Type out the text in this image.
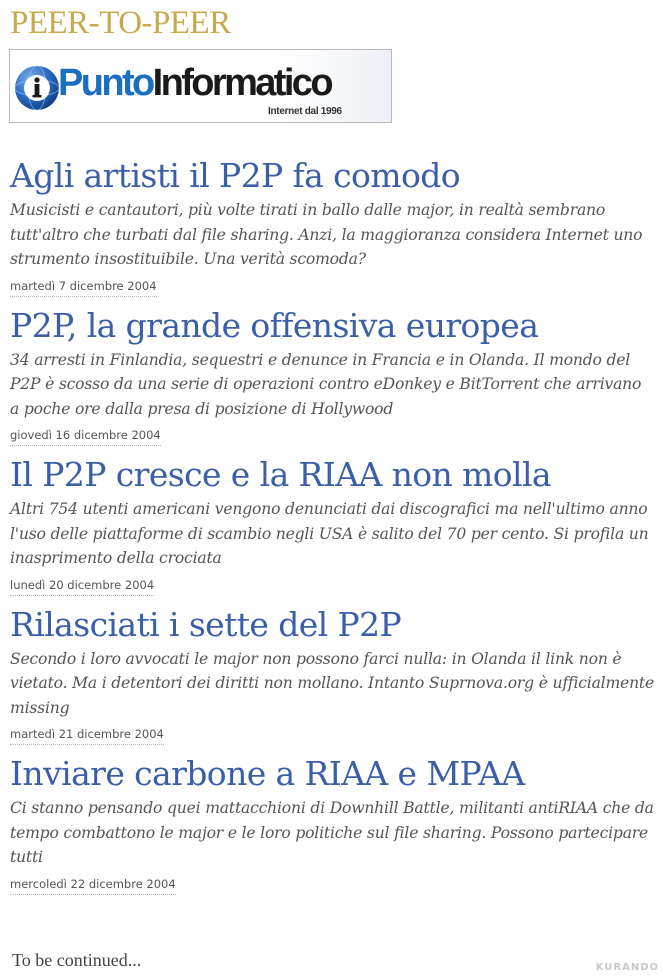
PEER-TO-PEER
PuntoInformatico
Internet dal 1996
Agli artisti il P2P fa comodo

Musicisti e cantautori, più volte tirati in ballo dalle major, in realtà sembrano tutt'altro che turbati dal file sharing. Anzi, la maggioranza considera Internet uno strumento insostituibile. Una verità scomoda?

martedì 7 dicembre 2004
P2P, la grande offensiva europea

34 arresti in Finlandia, sequestri e denunce in Francia e in Olanda. Il mondo del P2P è scosso da una serie di operazioni contro eDonkey e BitTorrent che arrivano a poche ore dalla presa di posizione di Hollywood

giovedì 16 dicembre 2004
Il P2P cresce e la RIAA non molla

Altri 754 utenti americani vengono denunciati dai discografici ma nell'ultimo anno l'uso delle piattaforme di scambio negli USA è salito del 70 per cento. Si profila un inasprimento della crociata

lunedì 20 dicembre 2004
Rilasciati i sette del P2P

Secondo i loro avvocati le major non possono farci nulla: in Olanda il link non è vietato. Ma i detentori dei diritti non mollano. Intanto Suprnova.org è ufficialmente missing

martedì 21 dicembre 2004
Inviare carbone a RIAA e MPAA

Ci stanno pensando quei mattacchioni di Downhill Battle, militanti antiRIAA che da tempo combattono le major e le loro politiche sul file sharing. Possono partecipare tutti

mercoledì 22 dicembre 2004

To be continued...	KURANDO
